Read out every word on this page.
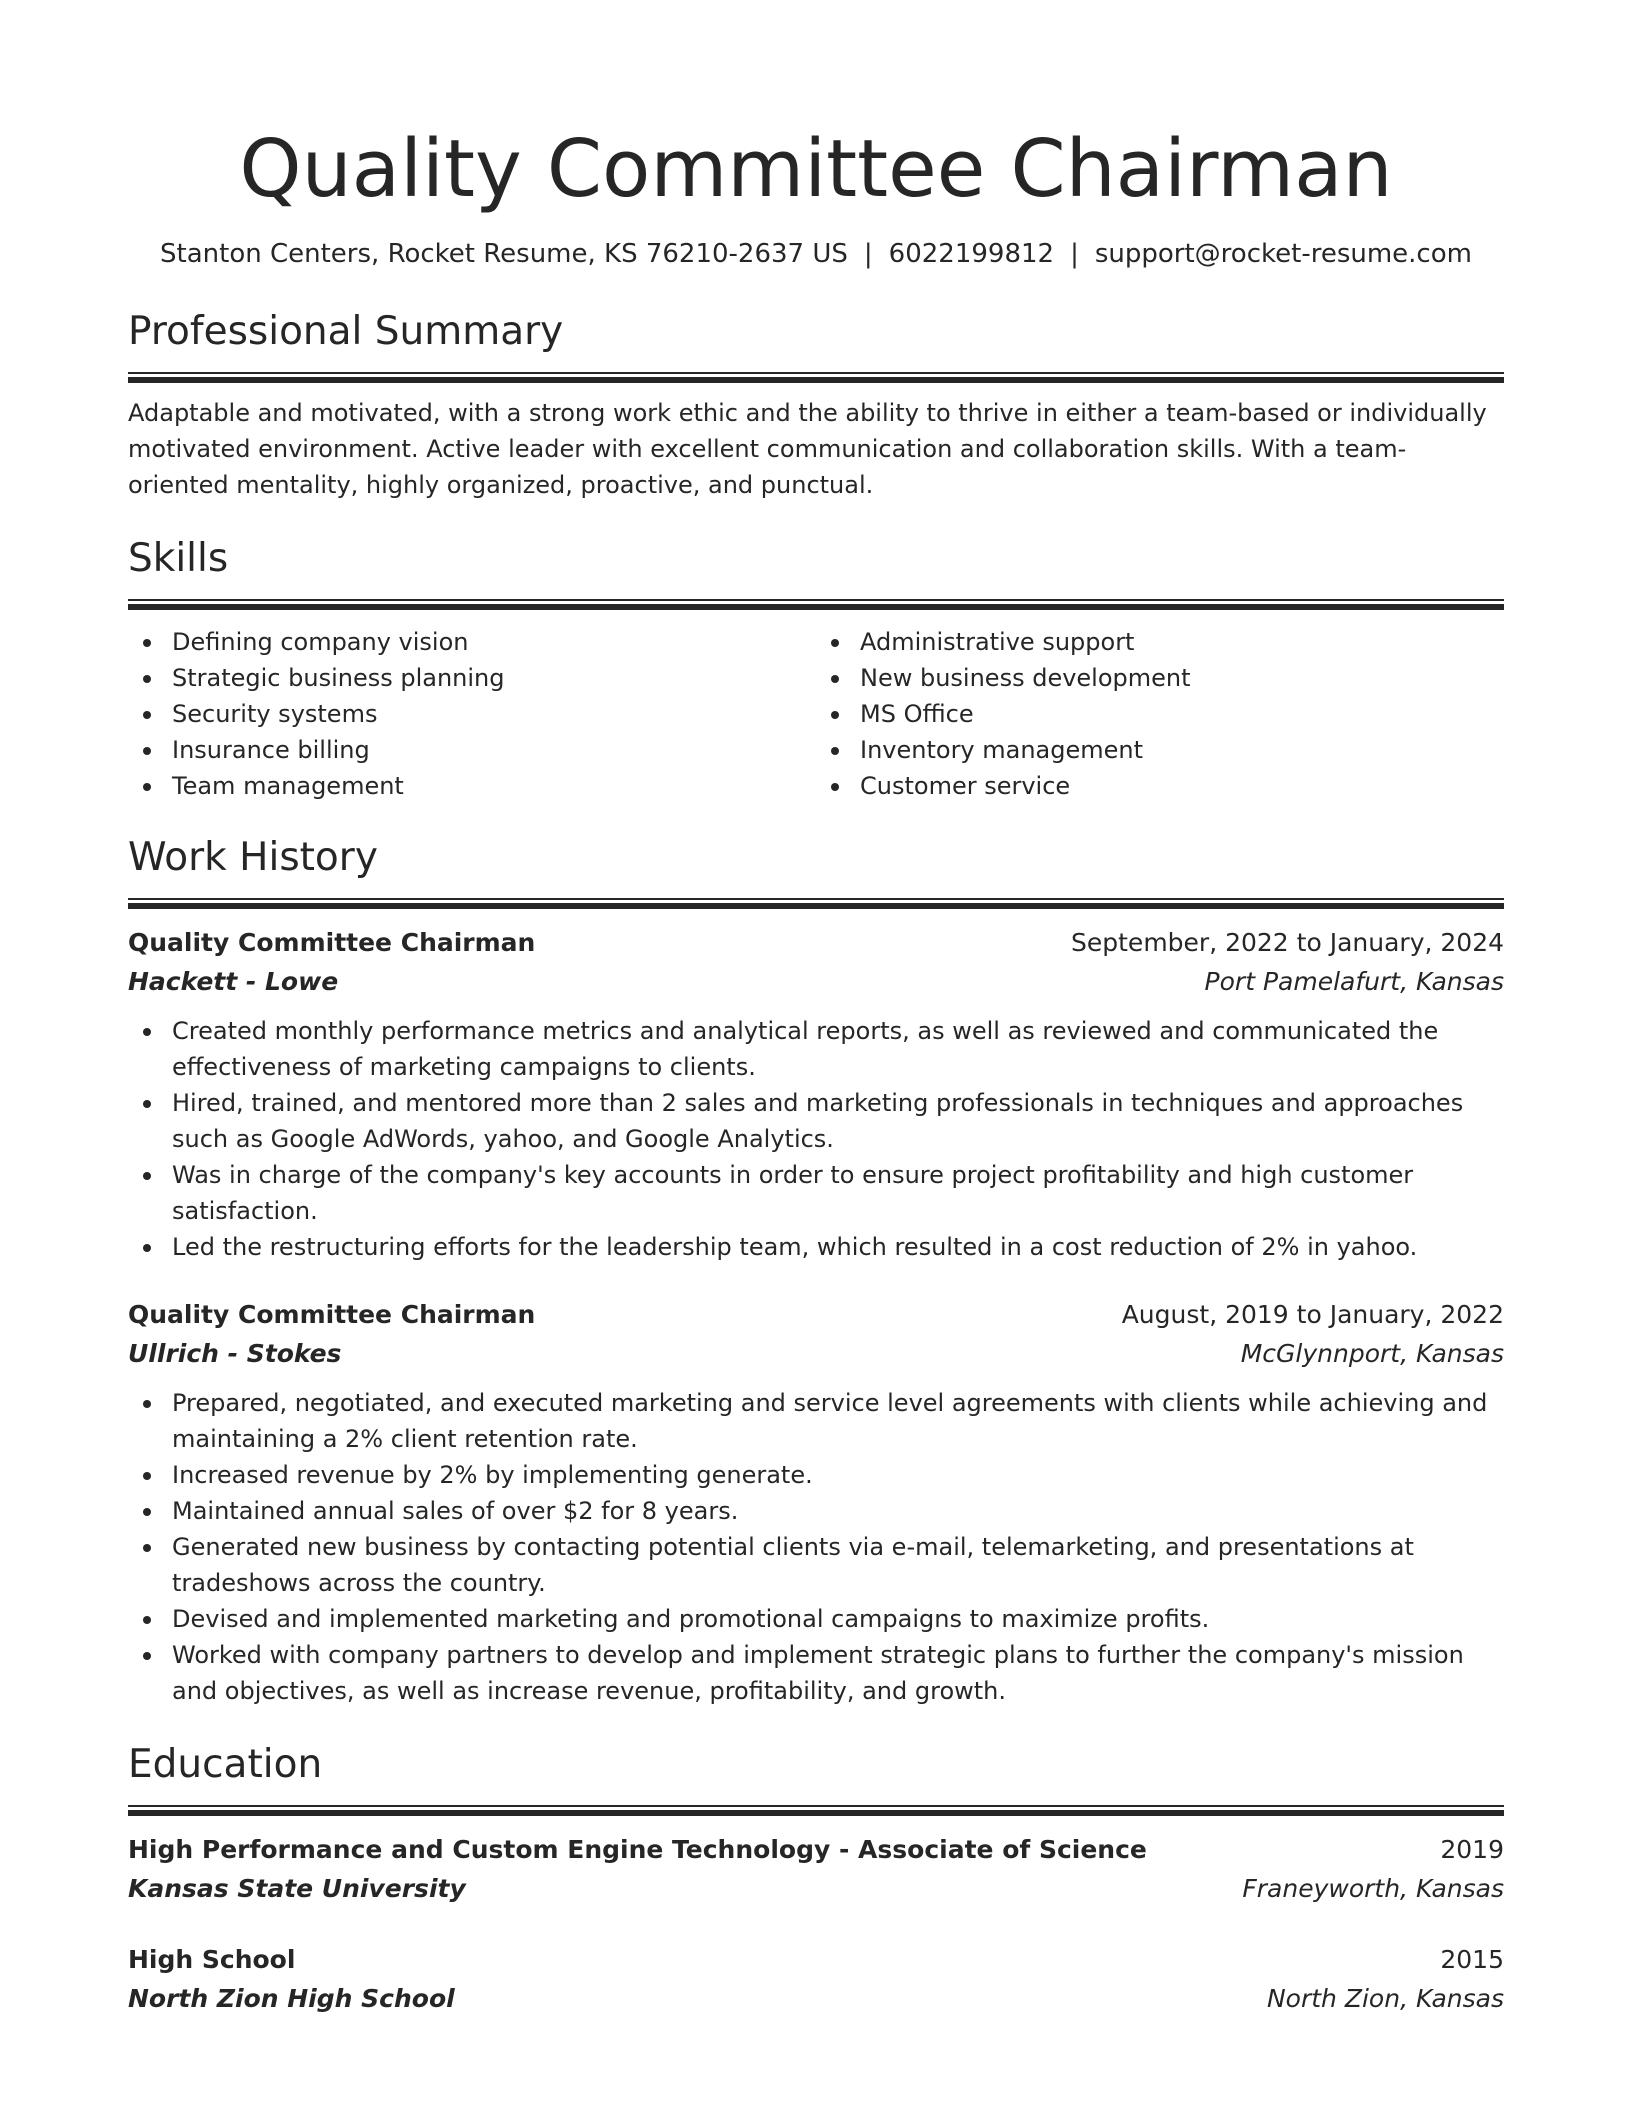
Quality Committee Chairman
Stanton Centers, Rocket Resume, KS 76210-2637 US | 6022199812 | support@rocket-resume.com
Professional Summary

Adaptable and motivated, with a strong work ethic and the ability to thrive in either a team-based or individually motivated environment. Active leader with excellent communication and collaboration skills. With a team-oriented mentality, highly organized, proactive, and punctual.

Skills
Defining company vision
Strategic business planning
Security systems
Insurance billing
Team management
Administrative support
New business development
MS Office
Inventory management
Customer service
Work History
Quality Committee Chairman	September, 2022 to January, 2024
Hackett - Lowe	Port Pamelafurt, Kansas
Created monthly performance metrics and analytical reports, as well as reviewed and communicated the effectiveness of marketing campaigns to clients.
Hired, trained, and mentored more than 2 sales and marketing professionals in techniques and approaches such as Google AdWords, yahoo, and Google Analytics.
Was in charge of the company's key accounts in order to ensure project profitability and high customer satisfaction.
Led the restructuring efforts for the leadership team, which resulted in a cost reduction of 2% in yahoo.
Quality Committee Chairman	August, 2019 to January, 2022
Ullrich - Stokes	McGlynnport, Kansas
Prepared, negotiated, and executed marketing and service level agreements with clients while achieving and maintaining a 2% client retention rate.
Increased revenue by 2% by implementing generate.
Maintained annual sales of over $2 for 8 years.
Generated new business by contacting potential clients via e-mail, telemarketing, and presentations at tradeshows across the country.
Devised and implemented marketing and promotional campaigns to maximize profits.
Worked with company partners to develop and implement strategic plans to further the company's mission and objectives, as well as increase revenue, profitability, and growth.
Education
High Performance and Custom Engine Technology - Associate of Science	2019
Kansas State University	Franeyworth, Kansas
High School	2015
North Zion High School	North Zion, Kansas
